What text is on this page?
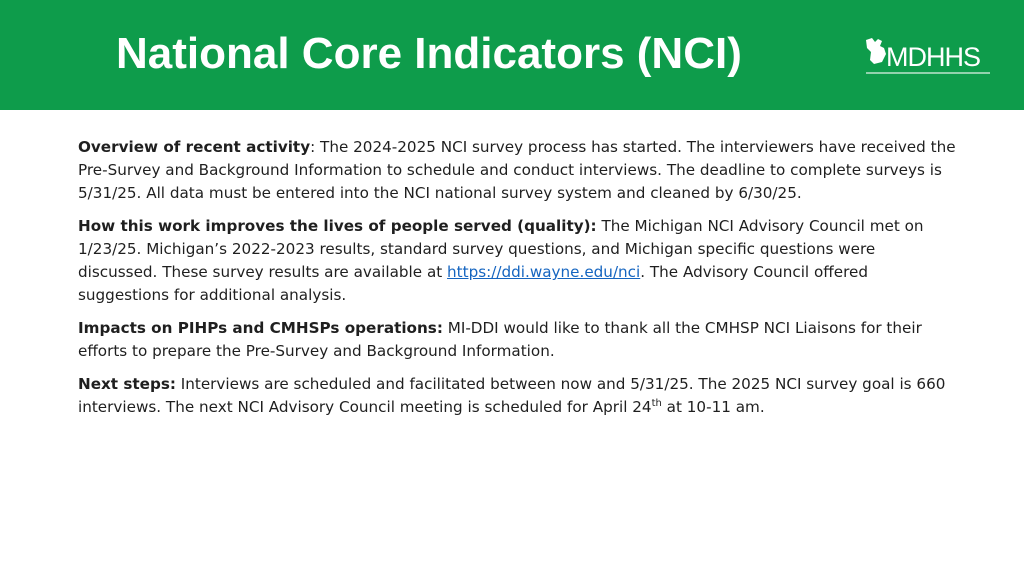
National Core Indicators (NCI)	MDHHS

Overview of recent activity: The 2024-2025 NCI survey process has started. The interviewers have received the Pre-Survey and Background Information to schedule and conduct interviews. The deadline to complete surveys is 5/31/25. All data must be entered into the NCI national survey system and cleaned by 6/30/25.

How this work improves the lives of people served (quality): The Michigan NCI Advisory Council met on 1/23/25. Michigan’s 2022-2023 results, standard survey questions, and Michigan specific questions were discussed. These survey results are available at https://ddi.wayne.edu/nci. The Advisory Council offered suggestions for additional analysis.

Impacts on PIHPs and CMHSPs operations: MI-DDI would like to thank all the CMHSP NCI Liaisons for their efforts to prepare the Pre-Survey and Background Information.

Next steps: Interviews are scheduled and facilitated between now and 5/31/25. The 2025 NCI survey goal is 660 interviews. The next NCI Advisory Council meeting is scheduled for April 24th at 10-11 am.
